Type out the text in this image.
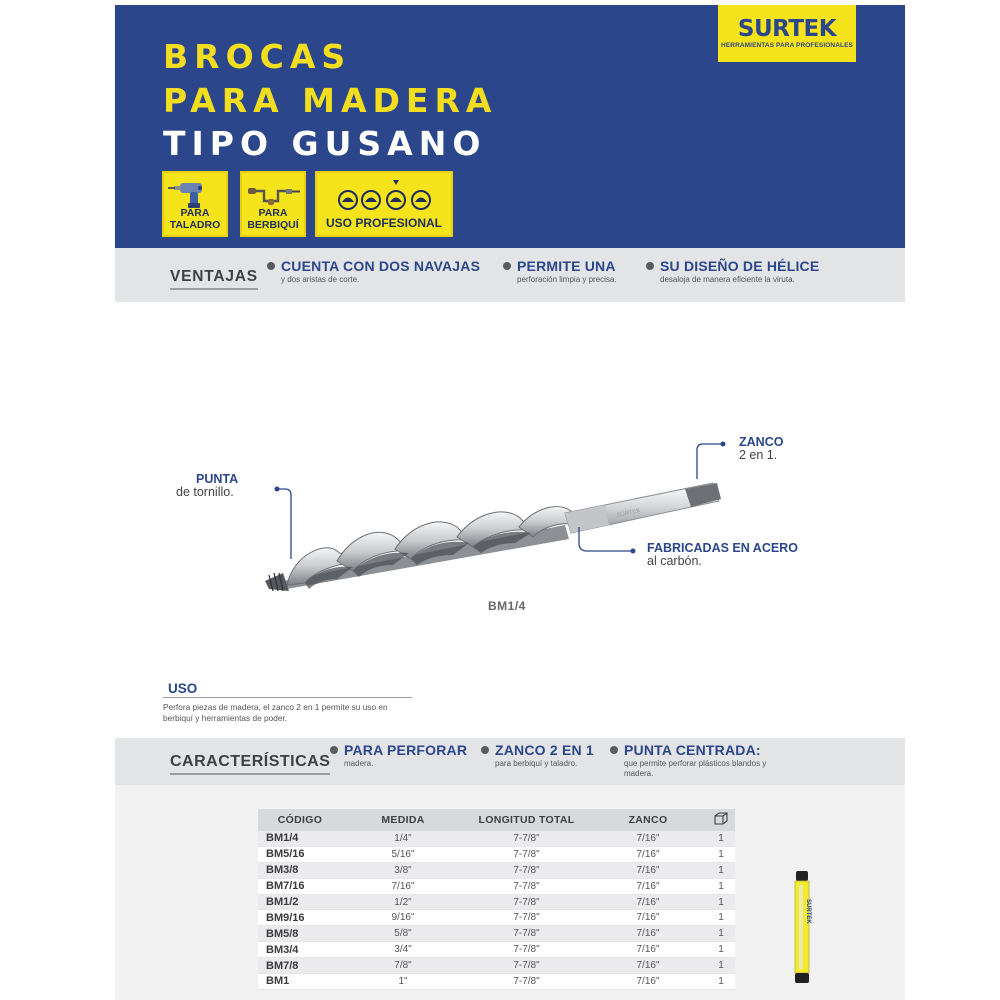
BROCAS
PARA MADERA
TIPO GUSANO
SURTEK
HERRAMIENTAS PARA PROFESIONALES
PARA TALADRO
PARA BERBIQUÍ	USO PROFESIONAL
VENTAJAS
CUENTA CON DOS NAVAJAS
y dos aristas de corte.
PERMITE UNA
perforación limpia y precisa.
SU DISEÑO DE HÉLICE
desaloja de manera eficiente la viruta.
SURTEK
ZANCO
2 en 1.
PUNTA
de tornillo.
FABRICADAS EN ACERO
al carbón.
BM1/4
USO
Perfora piezas de madera, el zanco 2 en 1 permite su uso en berbiquí y herramientas de poder.
CARACTERÍSTICAS
PARA PERFORAR
madera.
ZANCO 2 EN 1
para berbiquí y taladro.
PUNTA CENTRADA:
que permite perforar plásticos blandos y madera.
CÓDIGO	MEDIDA	LONGITUD TOTAL	ZANCO	
BM1/4	1/4"	7-7/8"	7/16"	1
BM5/16	5/16"	7-7/8"	7/16"	1
BM3/8	3/8"	7-7/8"	7/16"	1
BM7/16	7/16"	7-7/8"	7/16"	1
BM1/2	1/2"	7-7/8"	7/16"	1
BM9/16	9/16"	7-7/8"	7/16"	1
BM5/8	5/8"	7-7/8"	7/16"	1
BM3/4	3/4"	7-7/8"	7/16"	1
BM7/8	7/8"	7-7/8"	7/16"	1
BM1	1"	7-7/8"	7/16"	1
SURTEK
